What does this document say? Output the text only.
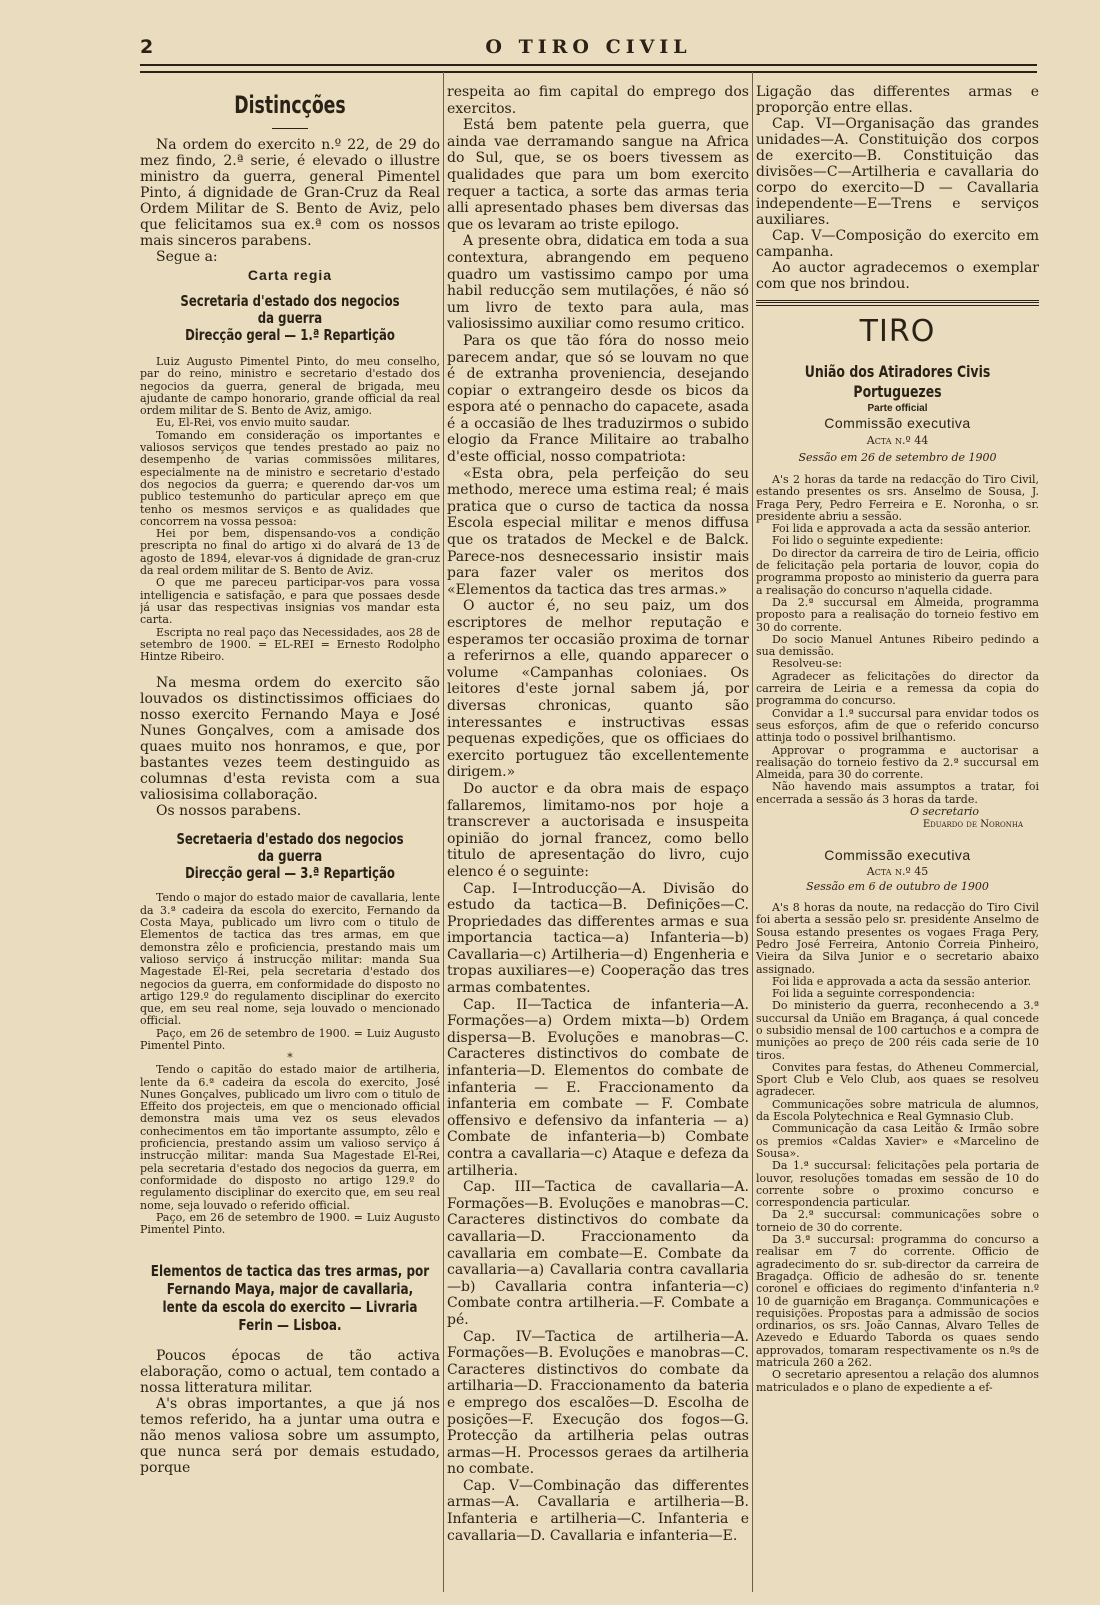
2	O TIRO CIVIL
Distincções

Na ordem do exercito n.º 22, de 29 do mez findo, 2.ª serie, é elevado o illustre ministro da guerra, general Pimentel Pinto, á dignidade de Gran-Cruz da Real Ordem Militar de S. Bento de Aviz, pelo que felicitamos sua ex.ª com os nossos mais sinceros parabens.

Segue a:

Carta regia
Secretaria d'estado dos negocios da guerra
Direcção geral — 1.ª Repartição

Luiz Augusto Pimentel Pinto, do meu conselho, par do reino, ministro e secretario d'estado dos negocios da guerra, general de brigada, meu ajudante de campo honorario, grande official da real ordem militar de S. Bento de Aviz, amigo.

Eu, El-Rei, vos envio muito saudar.

Tomando em consideração os importantes e valiosos serviços que tendes prestado ao paiz no desempenho de varias commissões militares, especialmente na de ministro e secretario d'estado dos negocios da guerra; e querendo dar-vos um publico testemunho do particular apreço em que tenho os mesmos serviços e as qualidades que concorrem na vossa pessoa:

Hei por bem, dispensando-vos a condição prescripta no final do artigo xi do alvará de 13 de agosto de 1894, elevar-vos á dignidade de gran-cruz da real ordem militar de S. Bento de Aviz.

O que me pareceu participar-vos para vossa intelligencia e satisfação, e para que possaes desde já usar das respectivas insignias vos mandar esta carta.

Escripta no real paço das Necessidades, aos 28 de setembro de 1900. = EL-REI = Ernesto Rodolpho Hintze Ribeiro.

Na mesma ordem do exercito são louvados os distinctissimos officiaes do nosso exercito Fernando Maya e José Nunes Gonçalves, com a amisade dos quaes muito nos honramos, e que, por bastantes vezes teem destinguido as columnas d'esta revista com a sua valiosisima collaboração.

Os nossos parabens.

Secretaeria d'estado dos negocios da guerra
Direcção geral — 3.ª Repartição

Tendo o major do estado maior de cavallaria, lente da 3.ª cadeira da escola do exercito, Fernando da Costa Maya, publicado um livro com o titulo de Elementos de tactica das tres armas, em que demonstra zêlo e proficiencia, prestando mais um valioso serviço á instrucção militar: manda Sua Magestade El-Rei, pela secretaria d'estado dos negocios da guerra, em conformidade do disposto no artigo 129.º do regulamento disciplinar do exercito que, em seu real nome, seja louvado o mencionado official.

Paço, em 26 de setembro de 1900. = Luiz Augusto Pimentel Pinto.

*

Tendo o capitão do estado maior de artilheria, lente da 6.ª cadeira da escola do exercito, José Nunes Gonçalves, publicado um livro com o titulo de Effeito dos projecteis, em que o mencionado official demonstra mais uma vez os seus elevados conhecimentos em tão importante assumpto, zêlo e proficiencia, prestando assim um valioso serviço á instrucção militar: manda Sua Magestade El-Rei, pela secretaria d'estado dos negocios da guerra, em conformidade do disposto no artigo 129.º do regulamento disciplinar do exercito que, em seu real nome, seja louvado o referido official.

Paço, em 26 de setembro de 1900. = Luiz Augusto Pimentel Pinto.

Elementos de tactica das tres armas, por Fernando Maya, major de cavallaria, lente da escola do exercito — Livraria Ferin — Lisboa.

Poucos épocas de tão activa elaboração, como o actual, tem contado a nossa litteratura militar.

A's obras importantes, a que já nos temos referido, ha a juntar uma outra e não menos valiosa sobre um assumpto, que nunca será por demais estudado, porque

respeita ao fim capital do emprego dos exercitos.

Está bem patente pela guerra, que ainda vae derramando sangue na Africa do Sul, que, se os boers tivessem as qualidades que para um bom exercito requer a tactica, a sorte das armas teria alli apresentado phases bem diversas das que os levaram ao triste epilogo.

A presente obra, didatica em toda a sua contextura, abrangendo em pequeno quadro um vastissimo campo por uma habil reducção sem mutilações, é não só um livro de texto para aula, mas valiosissimo auxiliar como resumo critico.

Para os que tão fóra do nosso meio parecem andar, que só se louvam no que é de extranha proveniencia, desejando copiar o extrangeiro desde os bicos da espora até o pennacho do capacete, asada é a occasião de lhes traduzirmos o subido elogio da France Militaire ao trabalho d'este official, nosso compatriota:

«Esta obra, pela perfeição do seu methodo, merece uma estima real; é mais pratica que o curso de tactica da nossa Escola especial militar e menos diffusa que os tratados de Meckel e de Balck. Parece-nos desnecessario insistir mais para fazer valer os meritos dos «Elementos da tactica das tres armas.»

O auctor é, no seu paiz, um dos escriptores de melhor reputação e esperamos ter occasião proxima de tornar a referirnos a elle, quando apparecer o volume «Campanhas coloniaes. Os leitores d'este jornal sabem já, por diversas chronicas, quanto são interessantes e instructivas essas pequenas expedições, que os officiaes do exercito portuguez tão excellentemente dirigem.»

Do auctor e da obra mais de espaço fallaremos, limitamo-nos por hoje a transcrever a auctorisada e insuspeita opinião do jornal francez, como bello titulo de apresentação do livro, cujo elenco é o seguinte:

Cap. I—Introducção—A. Divisão do estudo da tactica—B. Definições—C. Propriedades das differentes armas e sua importancia tactica—a) Infanteria—b) Cavallaria—c) Artilheria—d) Engenheria e tropas auxiliares—e) Cooperação das tres armas combatentes.

Cap. II—Tactica de infanteria—A. Formações—a) Ordem mixta—b) Ordem dispersa—B. Evoluções e manobras—C. Caracteres distinctivos do combate de infanteria—D. Elementos do combate de infanteria — E. Fraccionamento da infanteria em combate — F. Combate offensivo e defensivo da infanteria — a) Combate de infanteria—b) Combate contra a cavallaria—c) Ataque e defeza da artilheria.

Cap. III—Tactica de cavallaria—A. Formações—B. Evoluções e manobras—C. Caracteres distinctivos do combate da cavallaria—D. Fraccionamento da cavallaria em combate—E. Combate da cavallaria—a) Cavallaria contra cavallaria—b) Cavallaria contra infanteria—c) Combate contra artilheria.—F. Combate a pé.

Cap. IV—Tactica de artilheria—A. Formações—B. Evoluções e manobras—C. Caracteres distinctivos do combate da artilharia—D. Fraccionamento da bateria e emprego dos escalões—D. Escolha de posições—F. Execução dos fogos—G. Protecção da artilheria pelas outras armas—H. Processos geraes da artilheria no combate.

Cap. V—Combinação das differentes armas—A. Cavallaria e artilheria—B. Infanteria e artilheria—C. Infanteria e cavallaria—D. Cavallaria e infanteria—E.

Ligação das differentes armas e proporção entre ellas.

Cap. VI—Organisação das grandes unidades—A. Constituição dos corpos de exercito—B. Constituição das divisões—C—Artilheria e cavallaria do corpo do exercito—D — Cavallaria independente—E—Trens e serviços auxiliares.

Cap. V—Composição do exercito em campanha.

Ao auctor agradecemos o exemplar com que nos brindou.

TIRO
União dos Atiradores Civis Portuguezes
Parte official
Commissão executiva
Acta n.º 44
Sessão em 26 de setembro de 1900

A's 2 horas da tarde na redacção do Tiro Civil, estando presentes os srs. Anselmo de Sousa, J. Fraga Pery, Pedro Ferreira e E. Noronha, o sr. presidente abriu a sessão.

Foi lida e approvada a acta da sessão anterior.

Foi lido o seguinte expediente:

Do director da carreira de tiro de Leiria, officio de felicitação pela portaria de louvor, copia do programma proposto ao ministerio da guerra para a realisação do concurso n'aquella cidade.

Da 2.ª succursal em Almeida, programma proposto para a realisação do torneio festivo em 30 do corrente.

Do socio Manuel Antunes Ribeiro pedindo a sua demissão.

Resolveu-se:

Agradecer as felicitações do director da carreira de Leiria e a remessa da copia do programma do concurso.

Convidar a 1.ª succursal para envidar todos os seus esforços, afim de que o referido concurso attinja todo o possivel brilhantismo.

Approvar o programma e auctorisar a realisação do torneio festivo da 2.ª succursal em Almeida, para 30 do corrente.

Não havendo mais assumptos a tratar, foi encerrada a sessão ás 3 horas da tarde.

O secretario
Eduardo de Noronha
Commissão executiva
Acta n.º 45
Sessão em 6 de outubro de 1900

A's 8 horas da noute, na redacção do Tiro Civil foi aberta a sessão pelo sr. presidente Anselmo de Sousa estando presentes os vogaes Fraga Pery, Pedro José Ferreira, Antonio Correia Pinheiro, Vieira da Silva Junior e o secretario abaixo assignado.

Foi lida e approvada a acta da sessão anterior.

Foi lida a seguinte correspondencia:

Do ministerio da guerra, reconhecendo a 3.ª succursal da União em Bragança, á qual concede o subsidio mensal de 100 cartuchos e a compra de munições ao preço de 200 réis cada serie de 10 tiros.

Convites para festas, do Atheneu Commercial, Sport Club e Velo Club, aos quaes se resolveu agradecer.

Communicações sobre matricula de alumnos, da Escola Polytechnica e Real Gymnasio Club.

Communicação da casa Leitão & Irmão sobre os premios «Caldas Xavier» e «Marcelino de Sousa».

Da 1.ª succursal: felicitações pela portaria de louvor, resoluções tomadas em sessão de 10 do corrente sobre o proximo concurso e correspondencia particular.

Da 2.ª succursal: communicações sobre o torneio de 30 do corrente.

Da 3.ª succursal: programma do concurso a realisar em 7 do corrente. Officio de agradecimento do sr. sub-director da carreira de Bragadça. Officio de adhesão do sr. tenente coronel e officiaes do regimento d'infanteria n.º 10 de guarnição em Bragança. Communicações e requisições. Propostas para a admissão de socios ordinarios, os srs. João Cannas, Alvaro Telles de Azevedo e Eduardo Taborda os quaes sendo approvados, tomaram respectivamente os n.ºs de matricula 260 a 262.

O secretario apresentou a relação dos alumnos matriculados e o plano de expediente a ef-
